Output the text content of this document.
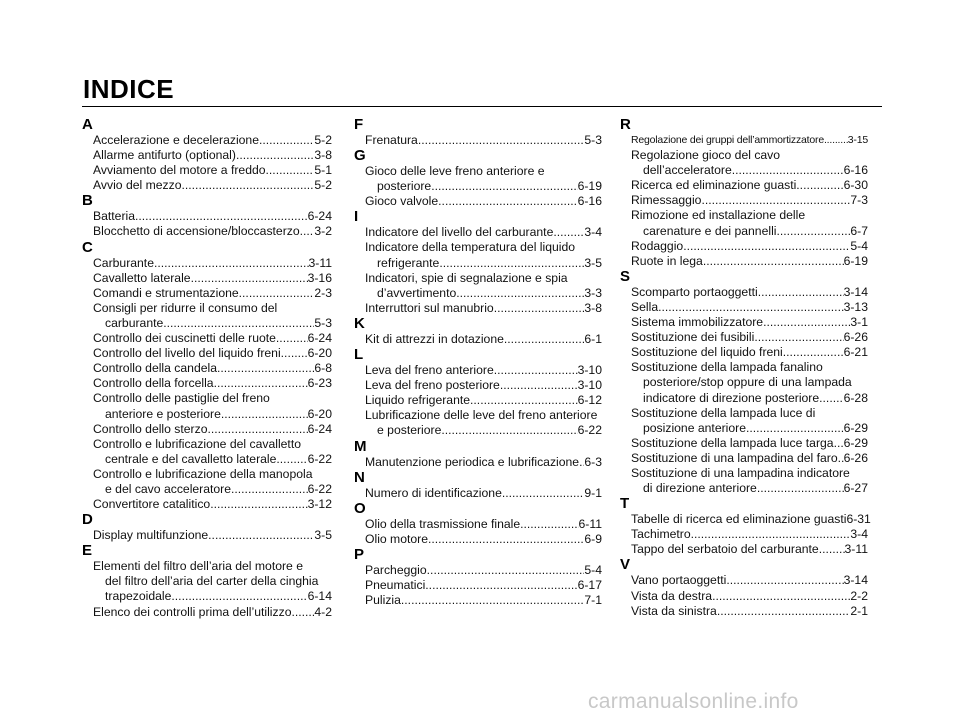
INDICE
A
Accelerazione e decelerazione .....	5-2
Allarme antifurto (optional) .....	3-8
Avviamento del motore a freddo .....	5-1
Avvio del mezzo .....	5-2
B
Batteria .....	6-24
Blocchetto di accensione/bloccasterzo ..... 3-2
C
Carburante .....	3-11
Cavalletto laterale .....	3-16
Comandi e strumentazione .....	2-3
Consigli per ridurre il consumo del
carburante .....	5-3
Controllo dei cuscinetti delle ruote .....	6-24
Controllo del livello del liquido freni ..... 6-20
Controllo della candela .....	6-8
Controllo della forcella .....	6-23
Controllo delle pastiglie del freno
anteriore e posteriore .....	6-20
Controllo dello sterzo .....	6-24
Controllo e lubrificazione del cavalletto
centrale e del cavalletto laterale .....	6-22
Controllo e lubrificazione della manopola
e del cavo acceleratore .....	6-22
Convertitore catalitico .....	3-12
D
Display multifunzione .....	3-5
E
Elementi del filtro dell’aria del motore e
del filtro dell’aria del carter della cinghia
trapezoidale .....	6-14
Elenco dei controlli prima dell’utilizzo ..... 4-2
F
Frenatura .....	5-3
G
Gioco delle leve freno anteriore e
posteriore .....	6-19
Gioco valvole .....	6-16
I
Indicatore del livello del carburante .....	3-4
Indicatore della temperatura del liquido
refrigerante .....	3-5
Indicatori, spie di segnalazione e spia
d’avvertimento .....	3-3
Interruttori sul manubrio .....	3-8
K
Kit di attrezzi in dotazione .....	6-1
L
Leva del freno anteriore .....	3-10
Leva del freno posteriore .....	3-10
Liquido refrigerante .....	6-12
Lubrificazione delle leve del freno anteriore
e posteriore .....	6-22
M
Manutenzione periodica e lubrificazione ..... 6-3
N
Numero di identificazione .....	9-1
O
Olio della trasmissione finale .....	6-11
Olio motore .....	6-9
P
Parcheggio .....	5-4
Pneumatici .....	6-17
Pulizia .....	7-1
R
Regolazione dei gruppi dell’ammortizzatore ..... 3-15
Regolazione gioco del cavo
dell’acceleratore .....	6-16
Ricerca ed eliminazione guasti .....	6-30
Rimessaggio .....	7-3
Rimozione ed installazione delle
carenature e dei pannelli .....	6-7
Rodaggio .....	5-4
Ruote in lega .....	6-19
S
Scomparto portaoggetti .....	3-14
Sella .....	3-13
Sistema immobilizzatore .....	3-1
Sostituzione dei fusibili .....	6-26
Sostituzione del liquido freni .....	6-21
Sostituzione della lampada fanalino
posteriore/stop oppure di una lampada
indicatore di direzione posteriore ..... 6-28
Sostituzione della lampada luce di
posizione anteriore .....	6-29
Sostituzione della lampada luce targa ..... 6-29
Sostituzione di una lampadina del faro ..... 6-26
Sostituzione di una lampadina indicatore
di direzione anteriore .....	6-27
T
Tabelle di ricerca ed eliminazione guasti 6-31
Tachimetro .....	3-4
Tappo del serbatoio del carburante ..... 3-11
V
Vano portaoggetti .....	3-14
Vista da destra .....	2-2
Vista da sinistra .....	2-1
carmanualsonline.info
